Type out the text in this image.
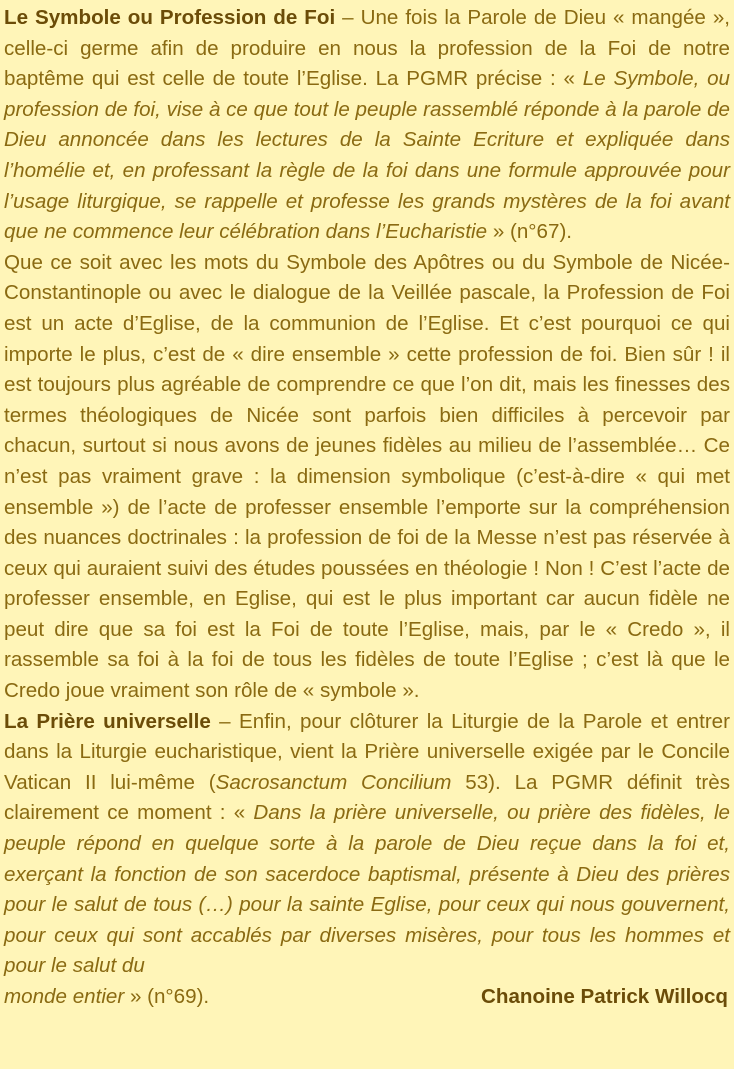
Le Symbole ou Profession de Foi – Une fois la Parole de Dieu « mangée », celle-ci germe afin de produire en nous la profession de la Foi de notre baptême qui est celle de toute l’Eglise. La PGMR précise : « Le Symbole, ou profession de foi, vise à ce que tout le peuple rassemblé réponde à la parole de Dieu annoncée dans les lectures de la Sainte Ecriture et expliquée dans l’homélie et, en professant la règle de la foi dans une formule approuvée pour l’usage liturgique, se rappelle et professe les grands mystères de la foi avant que ne commence leur célébration dans l’Eucharistie » (n°67).

Que ce soit avec les mots du Symbole des Apôtres ou du Symbole de Nicée-Constantinople ou avec le dialogue de la Veillée pascale, la Profession de Foi est un acte d’Eglise, de la communion de l’Eglise. Et c’est pourquoi ce qui importe le plus, c’est de « dire ensemble » cette profession de foi. Bien sûr ! il est toujours plus agréable de comprendre ce que l’on dit, mais les finesses des termes théologiques de Nicée sont parfois bien difficiles à percevoir par chacun, surtout si nous avons de jeunes fidèles au milieu de l’assemblée… Ce n’est pas vraiment grave : la dimension symbolique (c’est-à-dire « qui met ensemble ») de l’acte de professer ensemble l’emporte sur la compréhension des nuances doctrinales : la profession de foi de la Messe n’est pas réservée à ceux qui auraient suivi des études poussées en théologie ! Non ! C’est l’acte de professer ensemble, en Eglise, qui est le plus important car aucun fidèle ne peut dire que sa foi est la Foi de toute l’Eglise, mais, par le « Credo », il rassemble sa foi à la foi de tous les fidèles de toute l’Eglise ; c’est là que le Credo joue vraiment son rôle de « symbole ».

La Prière universelle – Enfin, pour clôturer la Liturgie de la Parole et entrer dans la Liturgie eucharistique, vient la Prière universelle exigée par le Concile Vatican II lui-même (Sacrosanctum Concilium 53). La PGMR définit très clairement ce moment : « Dans la prière universelle, ou prière des fidèles, le peuple répond en quelque sorte à la parole de Dieu reçue dans la foi et, exerçant la fonction de son sacerdoce baptismal, présente à Dieu des prières pour le salut de tous (…) pour la sainte Eglise, pour ceux qui nous gouvernent, pour ceux qui sont accablés par diverses misères, pour tous les hommes et pour le salut du

monde entier » (n°69).	Chanoine Patrick Willocq
